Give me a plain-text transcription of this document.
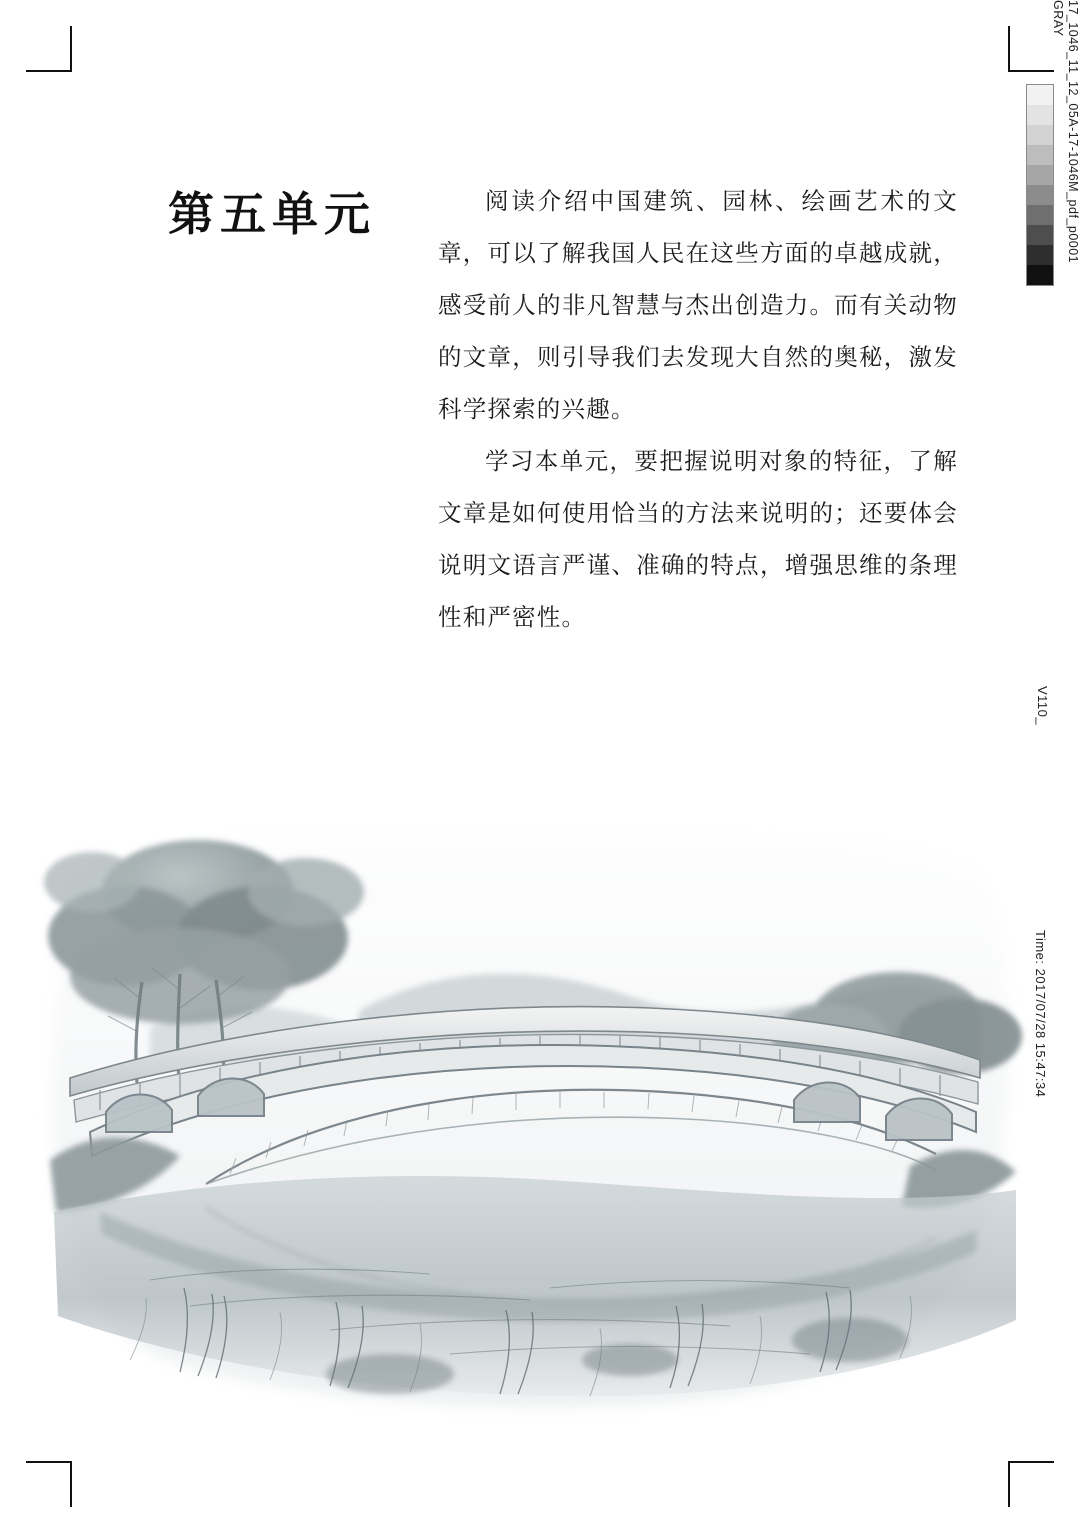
第五单元	阅读介绍中国建筑、园林、绘画艺术的文章，可以了解我国人民在这些方面的卓越成就，感受前人的非凡智慧与杰出创造力。而有关动物的文章，则引导我们去发现大自然的奥秘，激发科学探索的兴趣。

学习本单元，要把握说明对象的特征，了解文章是如何使用恰当的方法来说明的；还要体会说明文语言严谨、准确的特点，增强思维的条理性和严密性。

V110_
Time: 2017/07/28 15:47:34
17_1046_11_12_05A-17-1046M_pdf_p0001
GRAY
